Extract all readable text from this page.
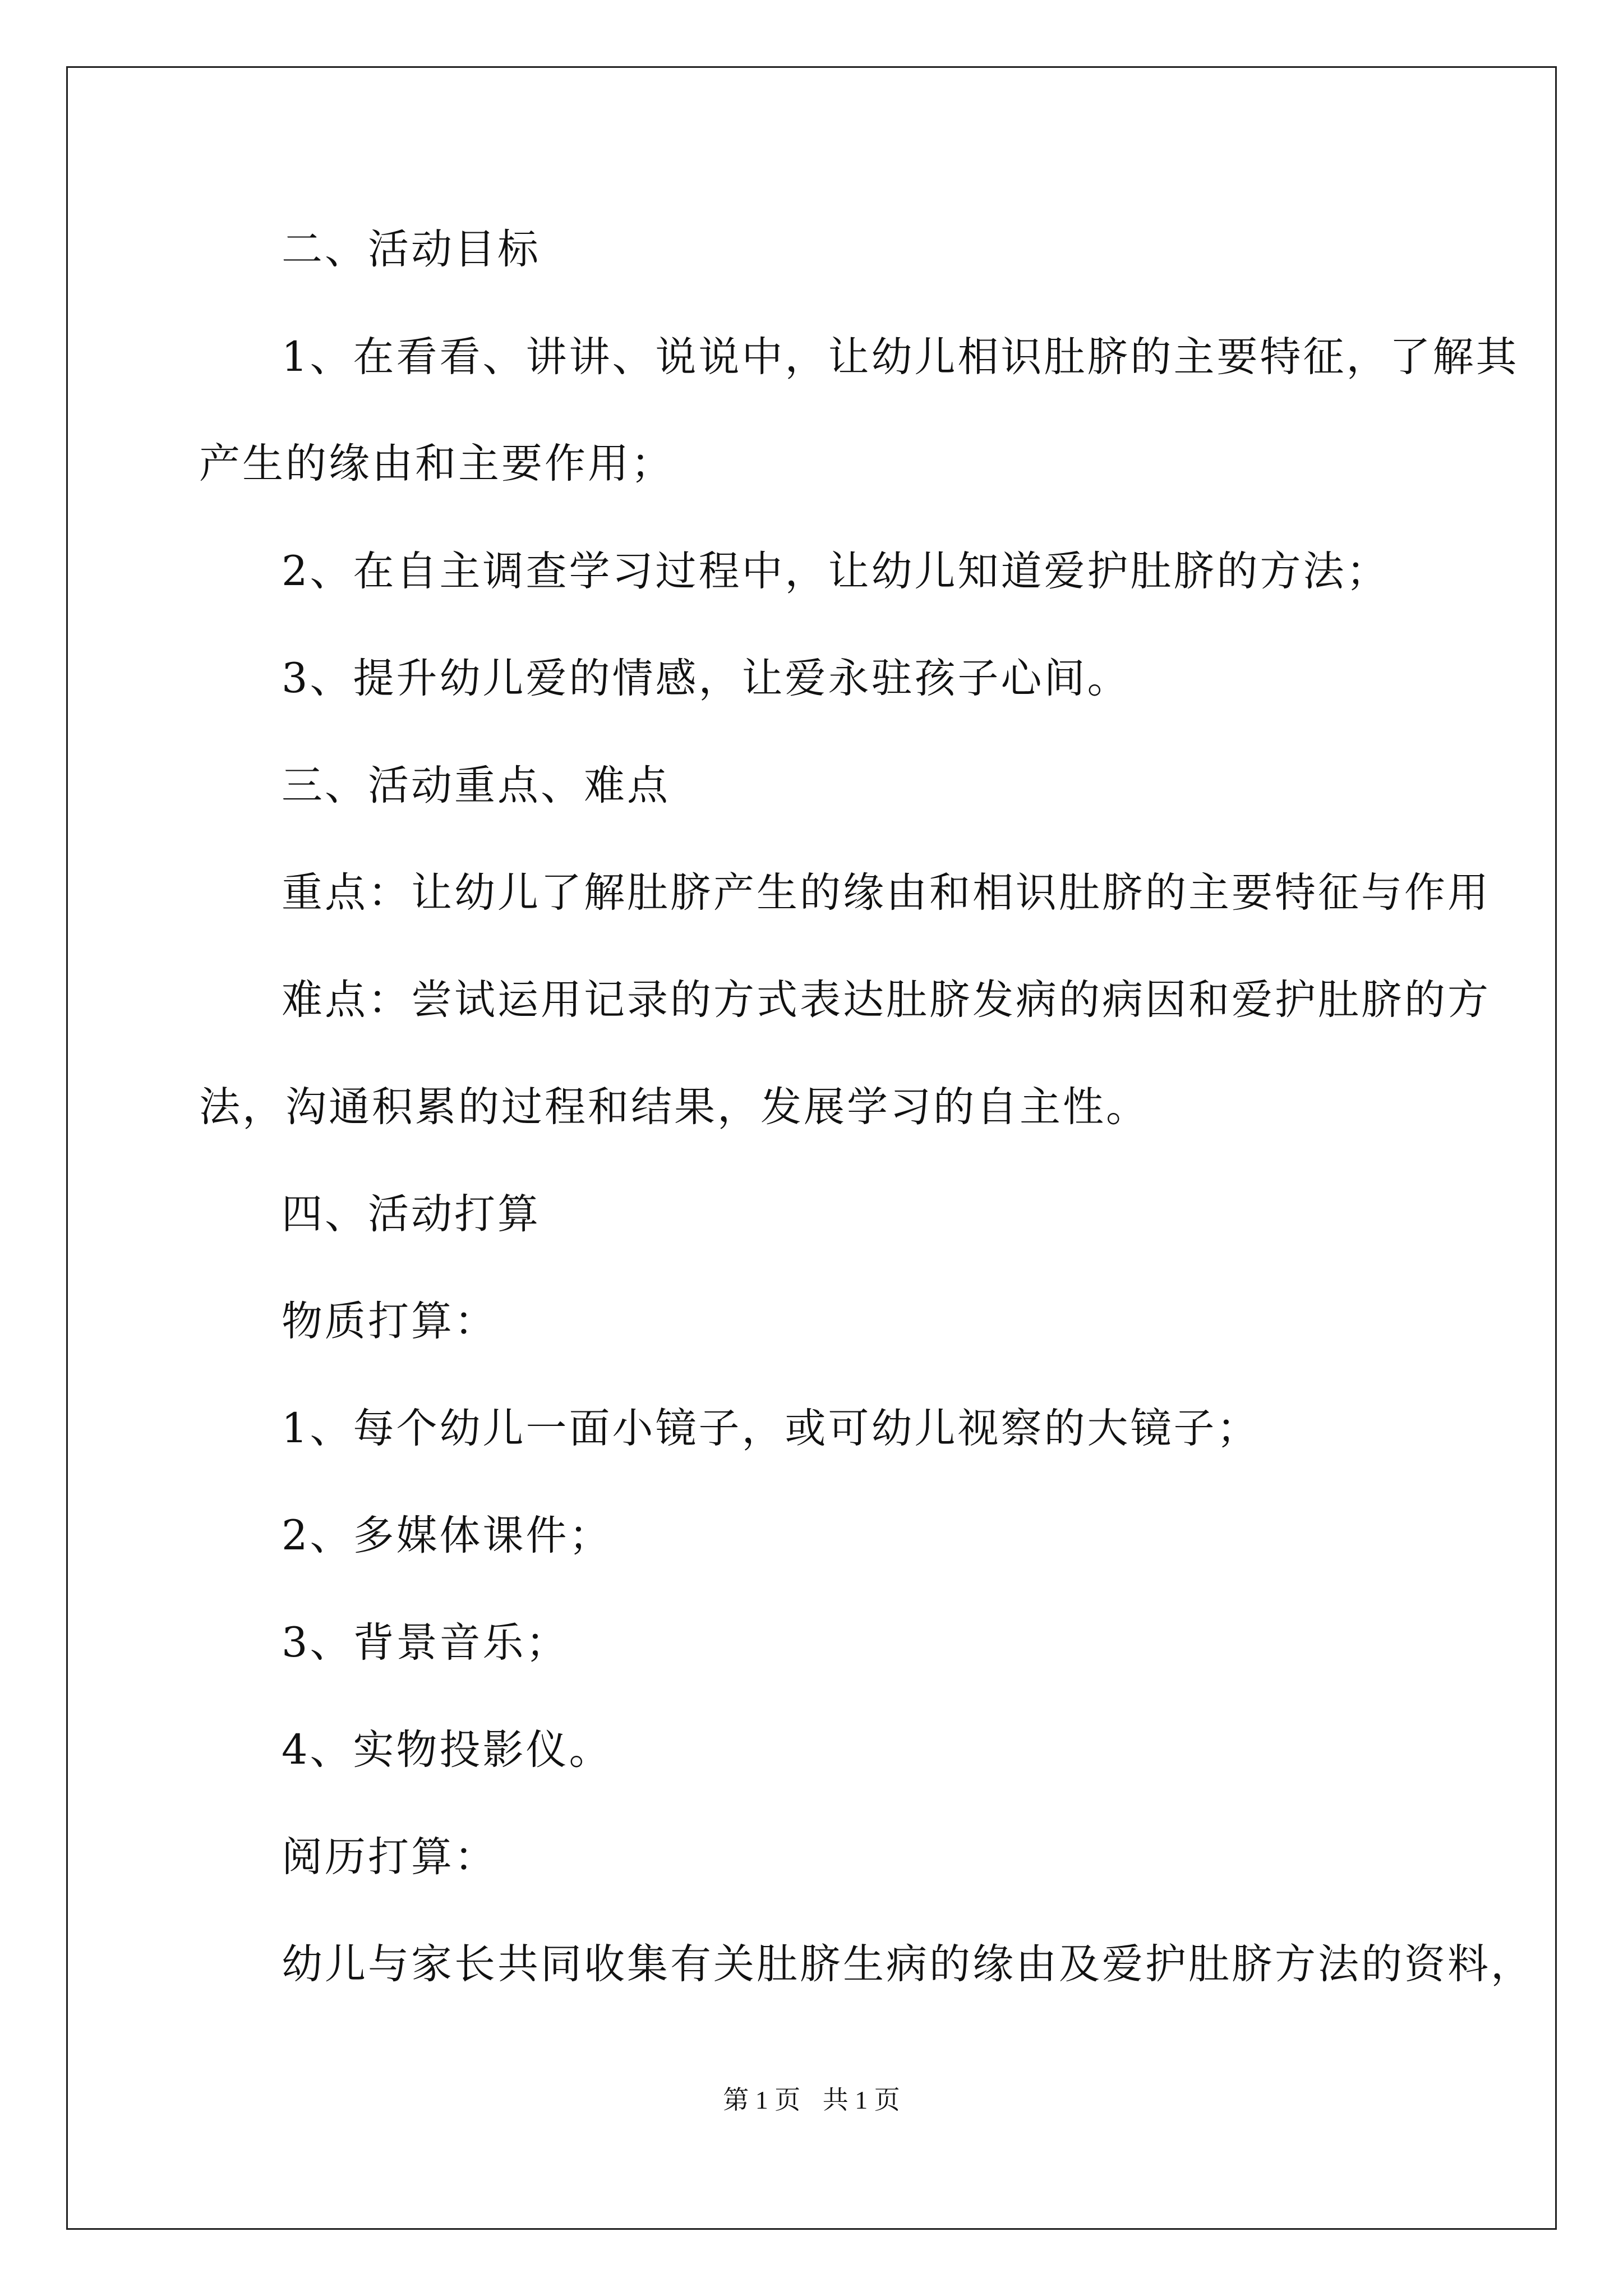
二、活动目标
1、在看看、讲讲、说说中，让幼儿相识肚脐的主要特征，了解其
产生的缘由和主要作用；
2、在自主调查学习过程中，让幼儿知道爱护肚脐的方法；
3、提升幼儿爱的情感，让爱永驻孩子心间。
三、活动重点、难点
重点：让幼儿了解肚脐产生的缘由和相识肚脐的主要特征与作用
难点：尝试运用记录的方式表达肚脐发病的病因和爱护肚脐的方
法，沟通积累的过程和结果，发展学习的自主性。
四、活动打算
物质打算：
1、每个幼儿一面小镜子，或可幼儿视察的大镜子；
2、多媒体课件；
3、背景音乐；
4、实物投影仪。
阅历打算：
幼儿与家长共同收集有关肚脐生病的缘由及爱护肚脐方法的资料，
第 1 页 共 1 页
